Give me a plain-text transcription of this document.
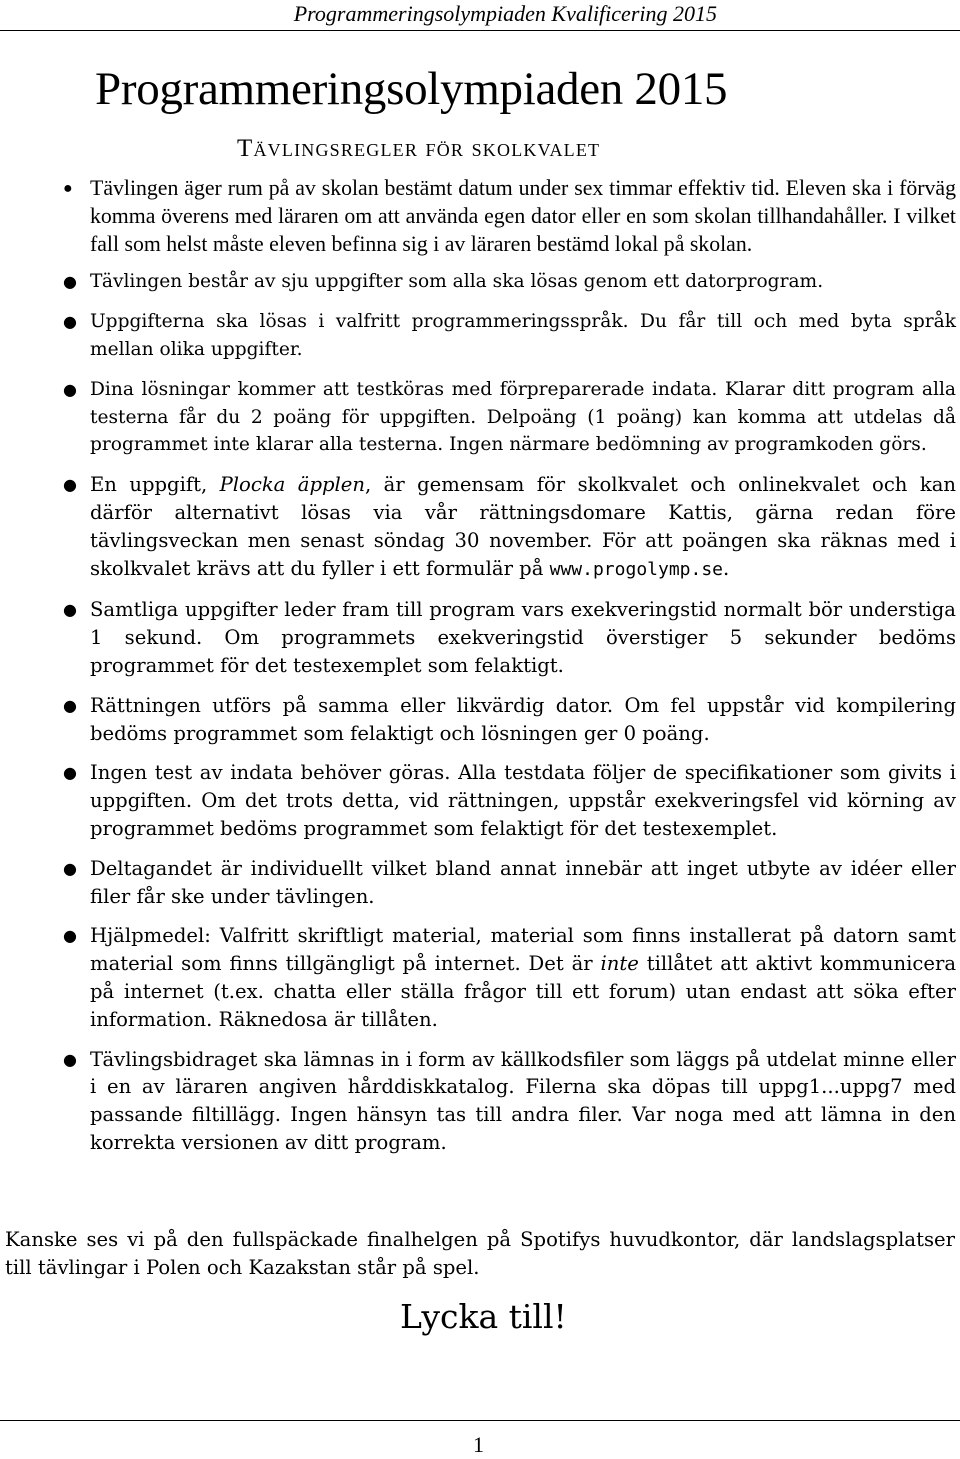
Programmeringsolympiaden Kvalificering 2015
Programmeringsolympiaden 2015
Tävlingsregler för skolkvalet
● Tävlingen äger rum på av skolan bestämt datum under sex timmar effektiv tid. Eleven ska i förväg komma överens med läraren om att använda egen dator eller en som skolan tillhandahåller. I vilket fall som helst måste eleven befinna sig i av läraren bestämd lokal på skolan.
● Tävlingen består av sju uppgifter som alla ska lösas genom ett datorprogram.
● Uppgifterna ska lösas i valfritt programmeringsspråk. Du får till och med byta språk mellan olika uppgifter.
● Dina lösningar kommer att testköras med förpreparerade indata. Klarar ditt program alla testerna får du 2 poäng för uppgiften. Delpoäng (1 poäng) kan komma att utdelas då programmet inte klarar alla testerna. Ingen närmare bedömning av programkoden görs.
● En uppgift, Plocka äpplen, är gemensam för skolkvalet och onlinekvalet och kan därför alternativt lösas via vår rättningsdomare Kattis, gärna redan före tävlingsveckan men senast söndag 30 november. För att poängen ska räknas med i skolkvalet krävs att du fyller i ett formulär på www.progolymp.se.
● Samtliga uppgifter leder fram till program vars exekveringstid normalt bör understiga 1 sekund. Om programmets exekveringstid överstiger 5 sekunder bedöms programmet för det testexemplet som felaktigt.
● Rättningen utförs på samma eller likvärdig dator. Om fel uppstår vid kompilering bedöms programmet som felaktigt och lösningen ger 0 poäng.
● Ingen test av indata behöver göras. Alla testdata följer de specifikationer som givits i uppgiften. Om det trots detta, vid rättningen, uppstår exekveringsfel vid körning av programmet bedöms programmet som felaktigt för det testexemplet.
● Deltagandet är individuellt vilket bland annat innebär att inget utbyte av idéer eller filer får ske under tävlingen.
● Hjälpmedel: Valfritt skriftligt material, material som finns installerat på datorn samt material som finns tillgängligt på internet. Det är inte tillåtet att aktivt kommunicera på internet (t.ex. chatta eller ställa frågor till ett forum) utan endast att söka efter information. Räknedosa är tillåten.
● Tävlingsbidraget ska lämnas in i form av källkodsfiler som läggs på utdelat minne eller i en av läraren angiven hårddiskkatalog. Filerna ska döpas till uppg1...uppg7 med passande filtillägg. Ingen hänsyn tas till andra filer. Var noga med att lämna in den korrekta versionen av ditt program.

Kanske ses vi på den fullspäckade finalhelgen på Spotifys huvudkontor, där landslagsplatser till tävlingar i Polen och Kazakstan står på spel.

Lycka till!
1
